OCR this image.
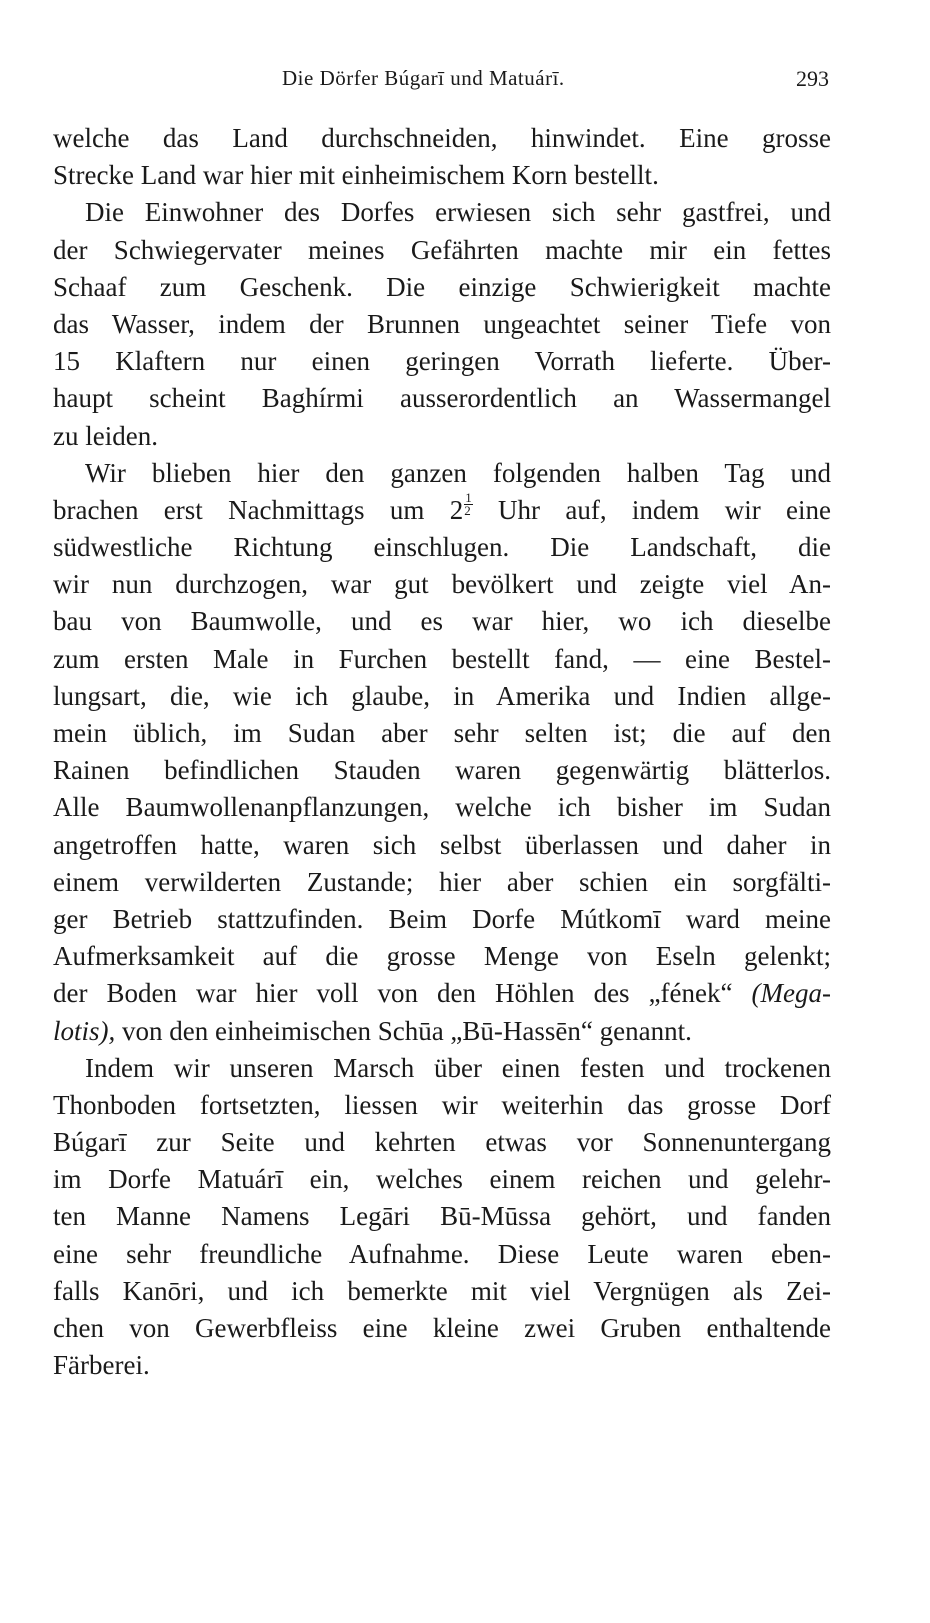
Die Dörfer Búgarī und Matuárī.	293
welche das Land durchschneiden, hinwindet. Eine grosse
Strecke Land war hier mit einheimischem Korn bestellt.
Die Einwohner des Dorfes erwiesen sich sehr gastfrei, und
der Schwiegervater meines Gefährten machte mir ein fettes
Schaaf zum Geschenk. Die einzige Schwierigkeit machte
das Wasser, indem der Brunnen ungeachtet seiner Tiefe von
15 Klaftern nur einen geringen Vorrath lieferte. Über-
haupt scheint Baghírmi ausserordentlich an Wassermangel
zu leiden.
Wir blieben hier den ganzen folgenden halben Tag und
brachen erst Nachmittags um $2 \frac{1}{2}$ Uhr auf, indem wir eine
südwestliche Richtung einschlugen. Die Landschaft, die
wir nun durchzogen, war gut bevölkert und zeigte viel An-
bau von Baumwolle, und es war hier, wo ich dieselbe
zum ersten Male in Furchen bestellt fand, — eine Bestel-
lungsart, die, wie ich glaube, in Amerika und Indien allge-
mein üblich, im Sudan aber sehr selten ist; die auf den
Rainen befindlichen Stauden waren gegenwärtig blätterlos.
Alle Baumwollenanpflanzungen, welche ich bisher im Sudan
angetroffen hatte, waren sich selbst überlassen und daher in
einem verwilderten Zustande; hier aber schien ein sorgfälti-
ger Betrieb stattzufinden. Beim Dorfe Mútkomī ward meine
Aufmerksamkeit auf die grosse Menge von Eseln gelenkt;
der Boden war hier voll von den Höhlen des „fének“ (Mega-
lotis), von den einheimischen Schūa „Bū-Hassēn“ genannt.
Indem wir unseren Marsch über einen festen und trockenen
Thonboden fortsetzten, liessen wir weiterhin das grosse Dorf
Búgarī zur Seite und kehrten etwas vor Sonnenuntergang
im Dorfe Matuárī ein, welches einem reichen und gelehr-
ten Manne Namens Legāri Bū-Mūssa gehört, und fanden
eine sehr freundliche Aufnahme. Diese Leute waren eben-
falls Kanōri, und ich bemerkte mit viel Vergnügen als Zei-
chen von Gewerbfleiss eine kleine zwei Gruben enthaltende
Färberei.
